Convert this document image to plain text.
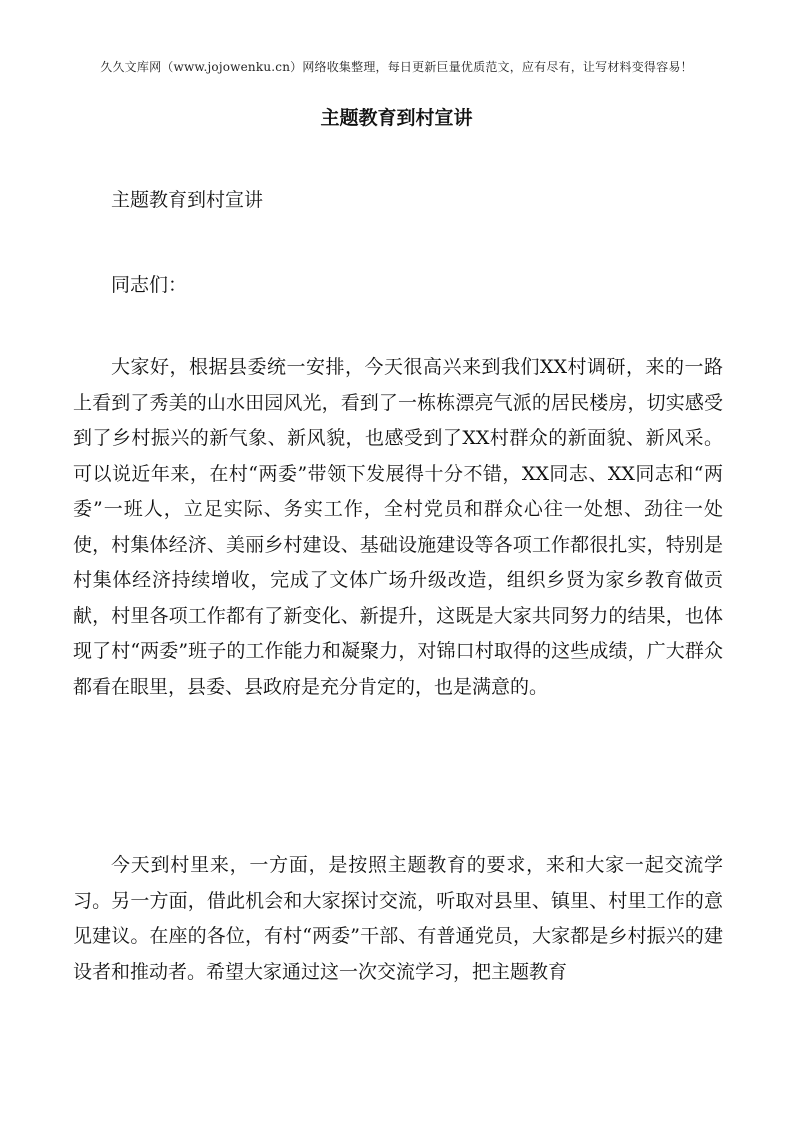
久久文库网（www.jojowenku.cn）网络收集整理，每日更新巨量优质范文，应有尽有，让写材料变得容易！
主题教育到村宣讲

主题教育到村宣讲

同志们：

大家好，根据县委统一安排，今天很高兴来到我们XX村调研，来的一路上看到了秀美的山水田园风光，看到了一栋栋漂亮气派的居民楼房，切实感受到了乡村振兴的新气象、新风貌，也感受到了XX村群众的新面貌、新风采。可以说近年来，在村“两委”带领下发展得十分不错，XX同志、XX同志和“两委”一班人，立足实际、务实工作，全村党员和群众心往一处想、劲往一处使，村集体经济、美丽乡村建设、基础设施建设等各项工作都很扎实，特别是村集体经济持续增收，完成了文体广场升级改造，组织乡贤为家乡教育做贡献，村里各项工作都有了新变化、新提升，这既是大家共同努力的结果，也体现了村“两委”班子的工作能力和凝聚力，对锦口村取得的这些成绩，广大群众都看在眼里，县委、县政府是充分肯定的，也是满意的。

今天到村里来，一方面，是按照主题教育的要求，来和大家一起交流学习。另一方面，借此机会和大家探讨交流，听取对县里、镇里、村里工作的意见建议。在座的各位，有村“两委”干部、有普通党员，大家都是乡村振兴的建设者和推动者。希望大家通过这一次交流学习，把主题教育
